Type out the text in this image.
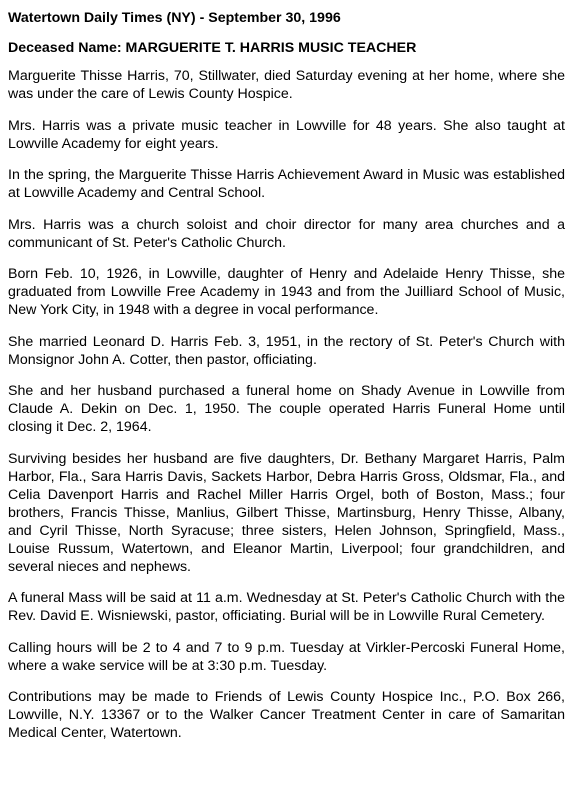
Watertown Daily Times (NY) - September 30, 1996
Deceased Name: MARGUERITE T. HARRIS MUSIC TEACHER

Marguerite Thisse Harris, 70, Stillwater, died Saturday evening at her home, where she was under the care of Lewis County Hospice.

Mrs. Harris was a private music teacher in Lowville for 48 years. She also taught at Lowville Academy for eight years.

In the spring, the Marguerite Thisse Harris Achievement Award in Music was established at Lowville Academy and Central School.

Mrs. Harris was a church soloist and choir director for many area churches and a communicant of St. Peter's Catholic Church.

Born Feb. 10, 1926, in Lowville, daughter of Henry and Adelaide Henry Thisse, she graduated from Lowville Free Academy in 1943 and from the Juilliard School of Music, New York City, in 1948 with a degree in vocal performance.

She married Leonard D. Harris Feb. 3, 1951, in the rectory of St. Peter's Church with Monsignor John A. Cotter, then pastor, officiating.

She and her husband purchased a funeral home on Shady Avenue in Lowville from Claude A. Dekin on Dec. 1, 1950. The couple operated Harris Funeral Home until closing it Dec. 2, 1964.

Surviving besides her husband are five daughters, Dr. Bethany Margaret Harris, Palm Harbor, Fla., Sara Harris Davis, Sackets Harbor, Debra Harris Gross, Oldsmar, Fla., and Celia Davenport Harris and Rachel Miller Harris Orgel, both of Boston, Mass.; four brothers, Francis Thisse, Manlius, Gilbert Thisse, Martinsburg, Henry Thisse, Albany, and Cyril Thisse, North Syracuse; three sisters, Helen Johnson, Springfield, Mass., Louise Russum, Watertown, and Eleanor Martin, Liverpool; four grandchildren, and several nieces and nephews.

A funeral Mass will be said at 11 a.m. Wednesday at St. Peter's Catholic Church with the Rev. David E. Wisniewski, pastor, officiating. Burial will be in Lowville Rural Cemetery.

Calling hours will be 2 to 4 and 7 to 9 p.m. Tuesday at Virkler-Percoski Funeral Home, where a wake service will be at 3:30 p.m. Tuesday.

Contributions may be made to Friends of Lewis County Hospice Inc., P.O. Box 266, Lowville, N.Y. 13367 or to the Walker Cancer Treatment Center in care of Samaritan Medical Center, Watertown.
